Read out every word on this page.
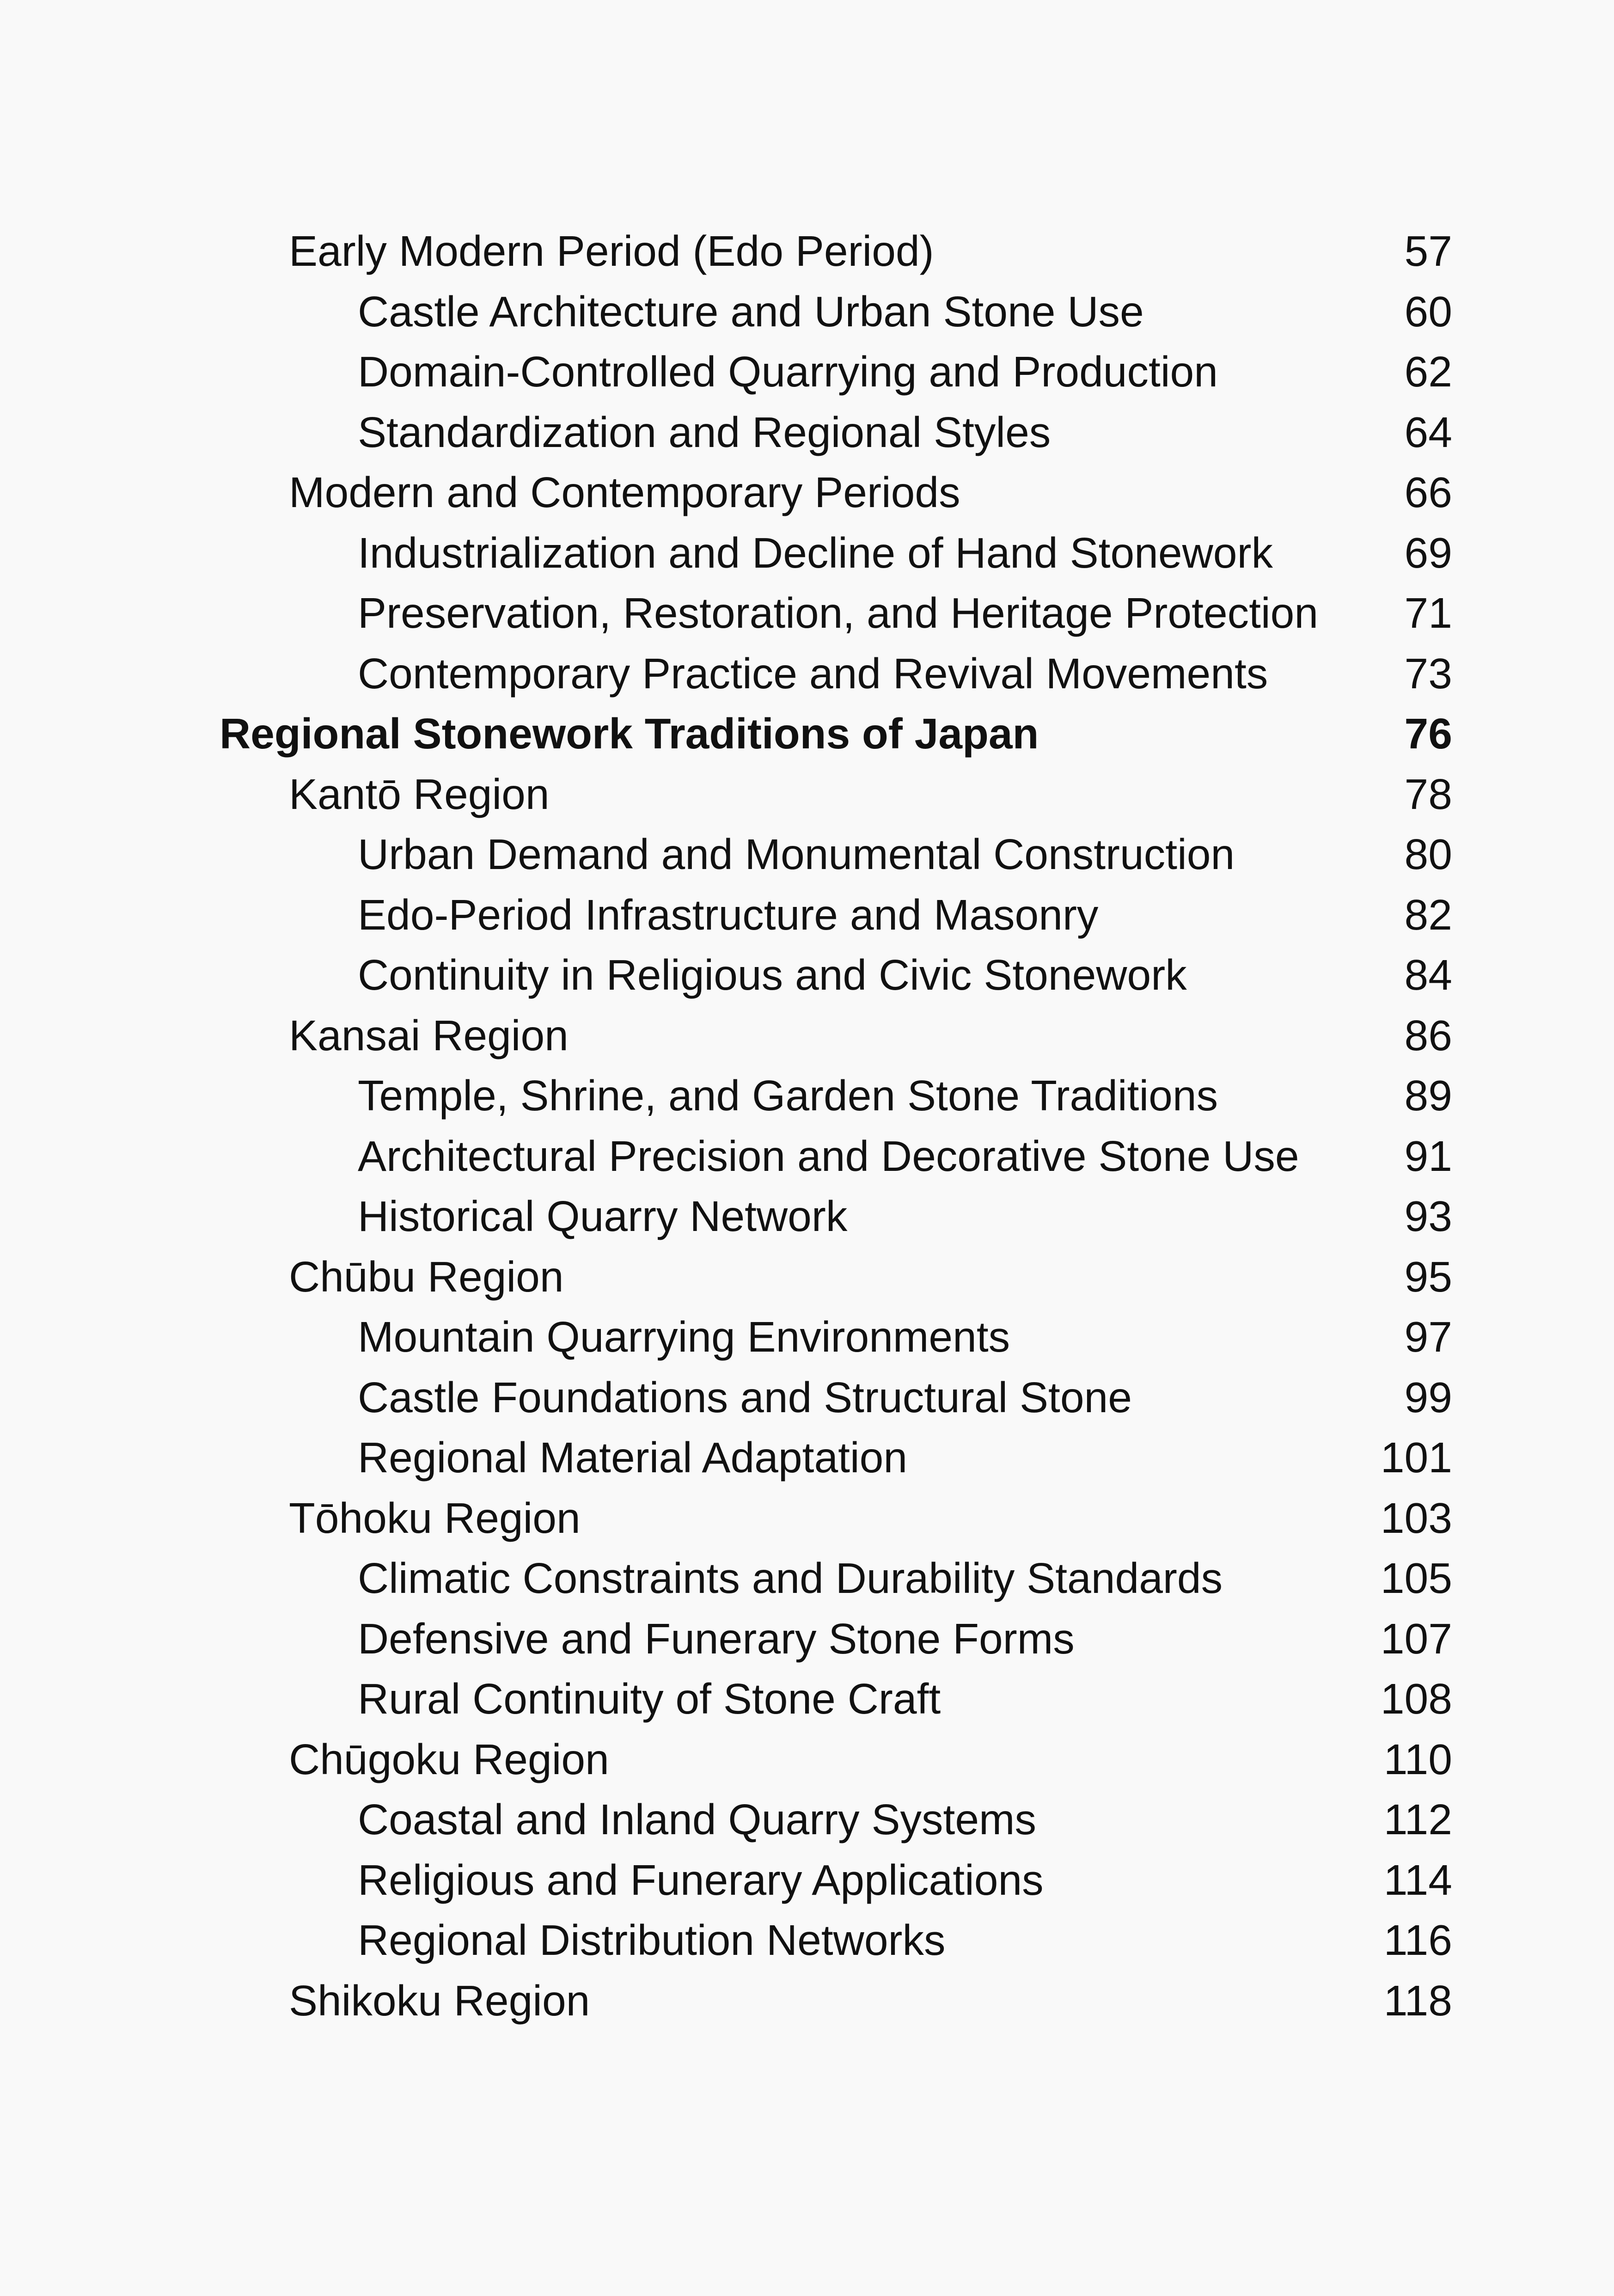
Early Modern Period (Edo Period)	57
Castle Architecture and Urban Stone Use	60
Domain-Controlled Quarrying and Production	62
Standardization and Regional Styles	64
Modern and Contemporary Periods	66
Industrialization and Decline of Hand Stonework	69
Preservation, Restoration, and Heritage Protection 71
Contemporary Practice and Revival Movements	73
Regional Stonework Traditions of Japan	76
Kantō Region	78
Urban Demand and Monumental Construction	80
Edo-Period Infrastructure and Masonry	82
Continuity in Religious and Civic Stonework	84
Kansai Region	86
Temple, Shrine, and Garden Stone Traditions	89
Architectural Precision and Decorative Stone Use 91
Historical Quarry Network	93
Chūbu Region	95
Mountain Quarrying Environments	97
Castle Foundations and Structural Stone	99
Regional Material Adaptation	101
Tōhoku Region	103
Climatic Constraints and Durability Standards	105
Defensive and Funerary Stone Forms	107
Rural Continuity of Stone Craft	108
Chūgoku Region	110
Coastal and Inland Quarry Systems	112
Religious and Funerary Applications	114
Regional Distribution Networks	116
Shikoku Region	118
